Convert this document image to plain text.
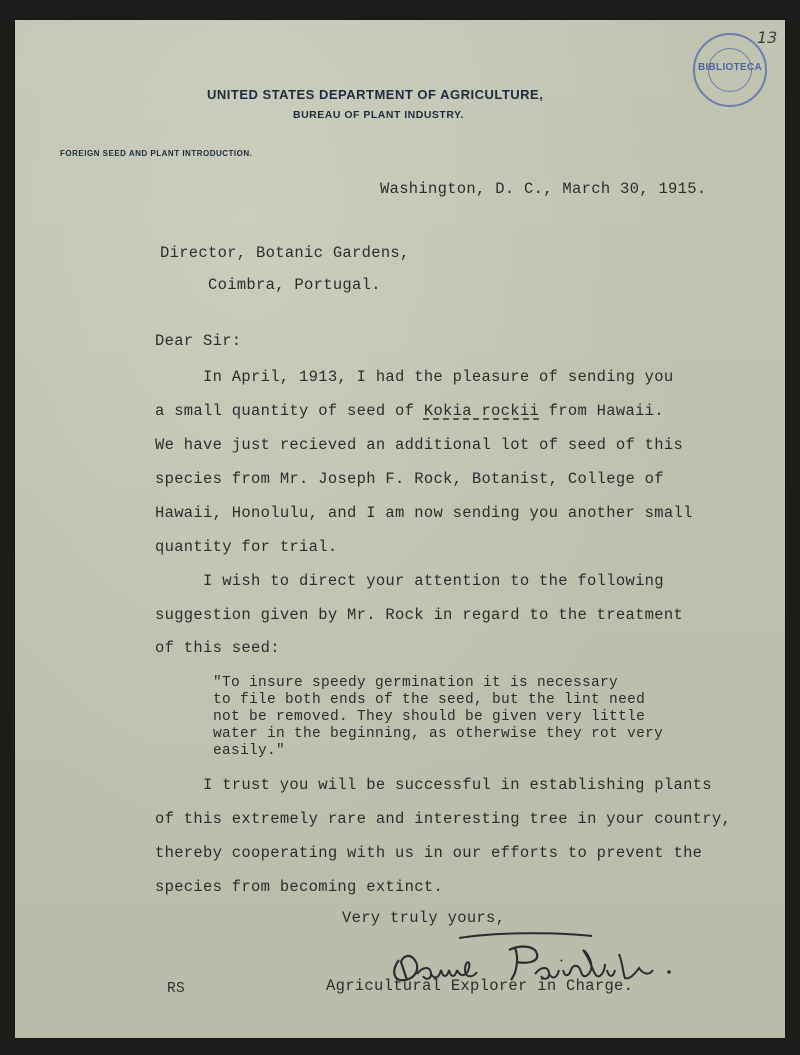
BIBLIOTECA
13
UNITED STATES DEPARTMENT OF AGRICULTURE,
BUREAU OF PLANT INDUSTRY.
FOREIGN SEED AND PLANT INTRODUCTION.
Washington, D. C., March 30, 1915.
Director, Botanic Gardens,
Coimbra, Portugal.
Dear Sir:
In April, 1913, I had the pleasure of sending you
a small quantity of seed of Kokia rockii from Hawaii.
We have just recieved an additional lot of seed of this
species from Mr. Joseph F. Rock, Botanist, College of
Hawaii, Honolulu, and I am now sending you another small
quantity for trial.
I wish to direct your attention to the following
suggestion given by Mr. Rock in regard to the treatment
of this seed:
"To insure speedy germination it is necessary
to file both ends of the seed, but the lint need
not be removed. They should be given very little
water in the beginning, as otherwise they rot very
easily."
I trust you will be successful in establishing plants
of this extremely rare and interesting tree in your country,
thereby cooperating with us in our efforts to prevent the
species from becoming extinct.
Very truly yours,
RS	Agricultural Explorer in Charge.
